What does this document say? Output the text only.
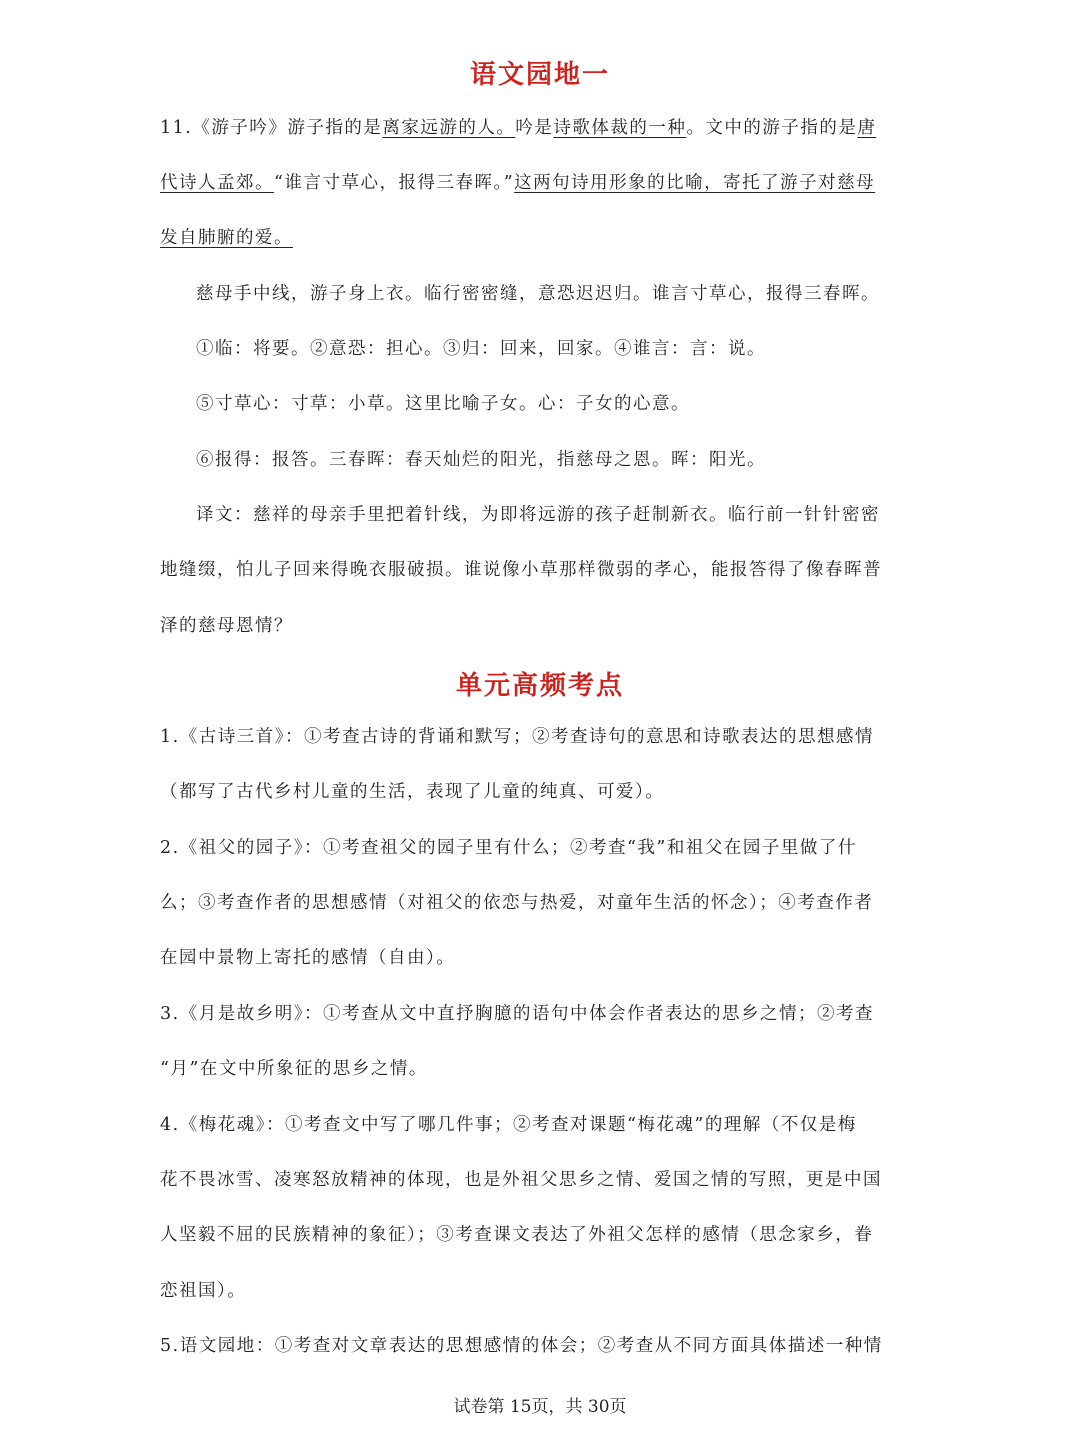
语文园地一
11.《游子吟》游子指的是离家远游的人。吟是诗歌体裁的一种。文中的游子指的是唐
代诗人孟郊。“谁言寸草心，报得三春晖。”这两句诗用形象的比喻，寄托了游子对慈母
发自肺腑的爱。
慈母手中线，游子身上衣。临行密密缝，意恐迟迟归。谁言寸草心，报得三春晖。
①临：将要。②意恐：担心。③归：回来，回家。④谁言：言：说。
⑤寸草心：寸草：小草。这里比喻子女。心：子女的心意。
⑥报得：报答。三春晖：春天灿烂的阳光，指慈母之恩。晖：阳光。
译文：慈祥的母亲手里把着针线，为即将远游的孩子赶制新衣。临行前一针针密密
地缝缀，怕儿子回来得晚衣服破损。谁说像小草那样微弱的孝心，能报答得了像春晖普
泽的慈母恩情？
单元高频考点
1.《古诗三首》：①考查古诗的背诵和默写；②考查诗句的意思和诗歌表达的思想感情
（都写了古代乡村儿童的生活，表现了儿童的纯真、可爱）。
2.《祖父的园子》：①考查祖父的园子里有什么；②考查“我”和祖父在园子里做了什
么；③考查作者的思想感情（对祖父的依恋与热爱，对童年生活的怀念）；④考查作者
在园中景物上寄托的感情（自由）。
3.《月是故乡明》：①考查从文中直抒胸臆的语句中体会作者表达的思乡之情；②考查
“月”在文中所象征的思乡之情。
4.《梅花魂》：①考查文中写了哪几件事；②考查对课题“梅花魂”的理解（不仅是梅
花不畏冰雪、凌寒怒放精神的体现，也是外祖父思乡之情、爱国之情的写照，更是中国
人坚毅不屈的民族精神的象征）；③考查课文表达了外祖父怎样的感情（思念家乡，眷
恋祖国）。
5.语文园地：①考查对文章表达的思想感情的体会；②考查从不同方面具体描述一种情
试卷第 15页，共 30页
